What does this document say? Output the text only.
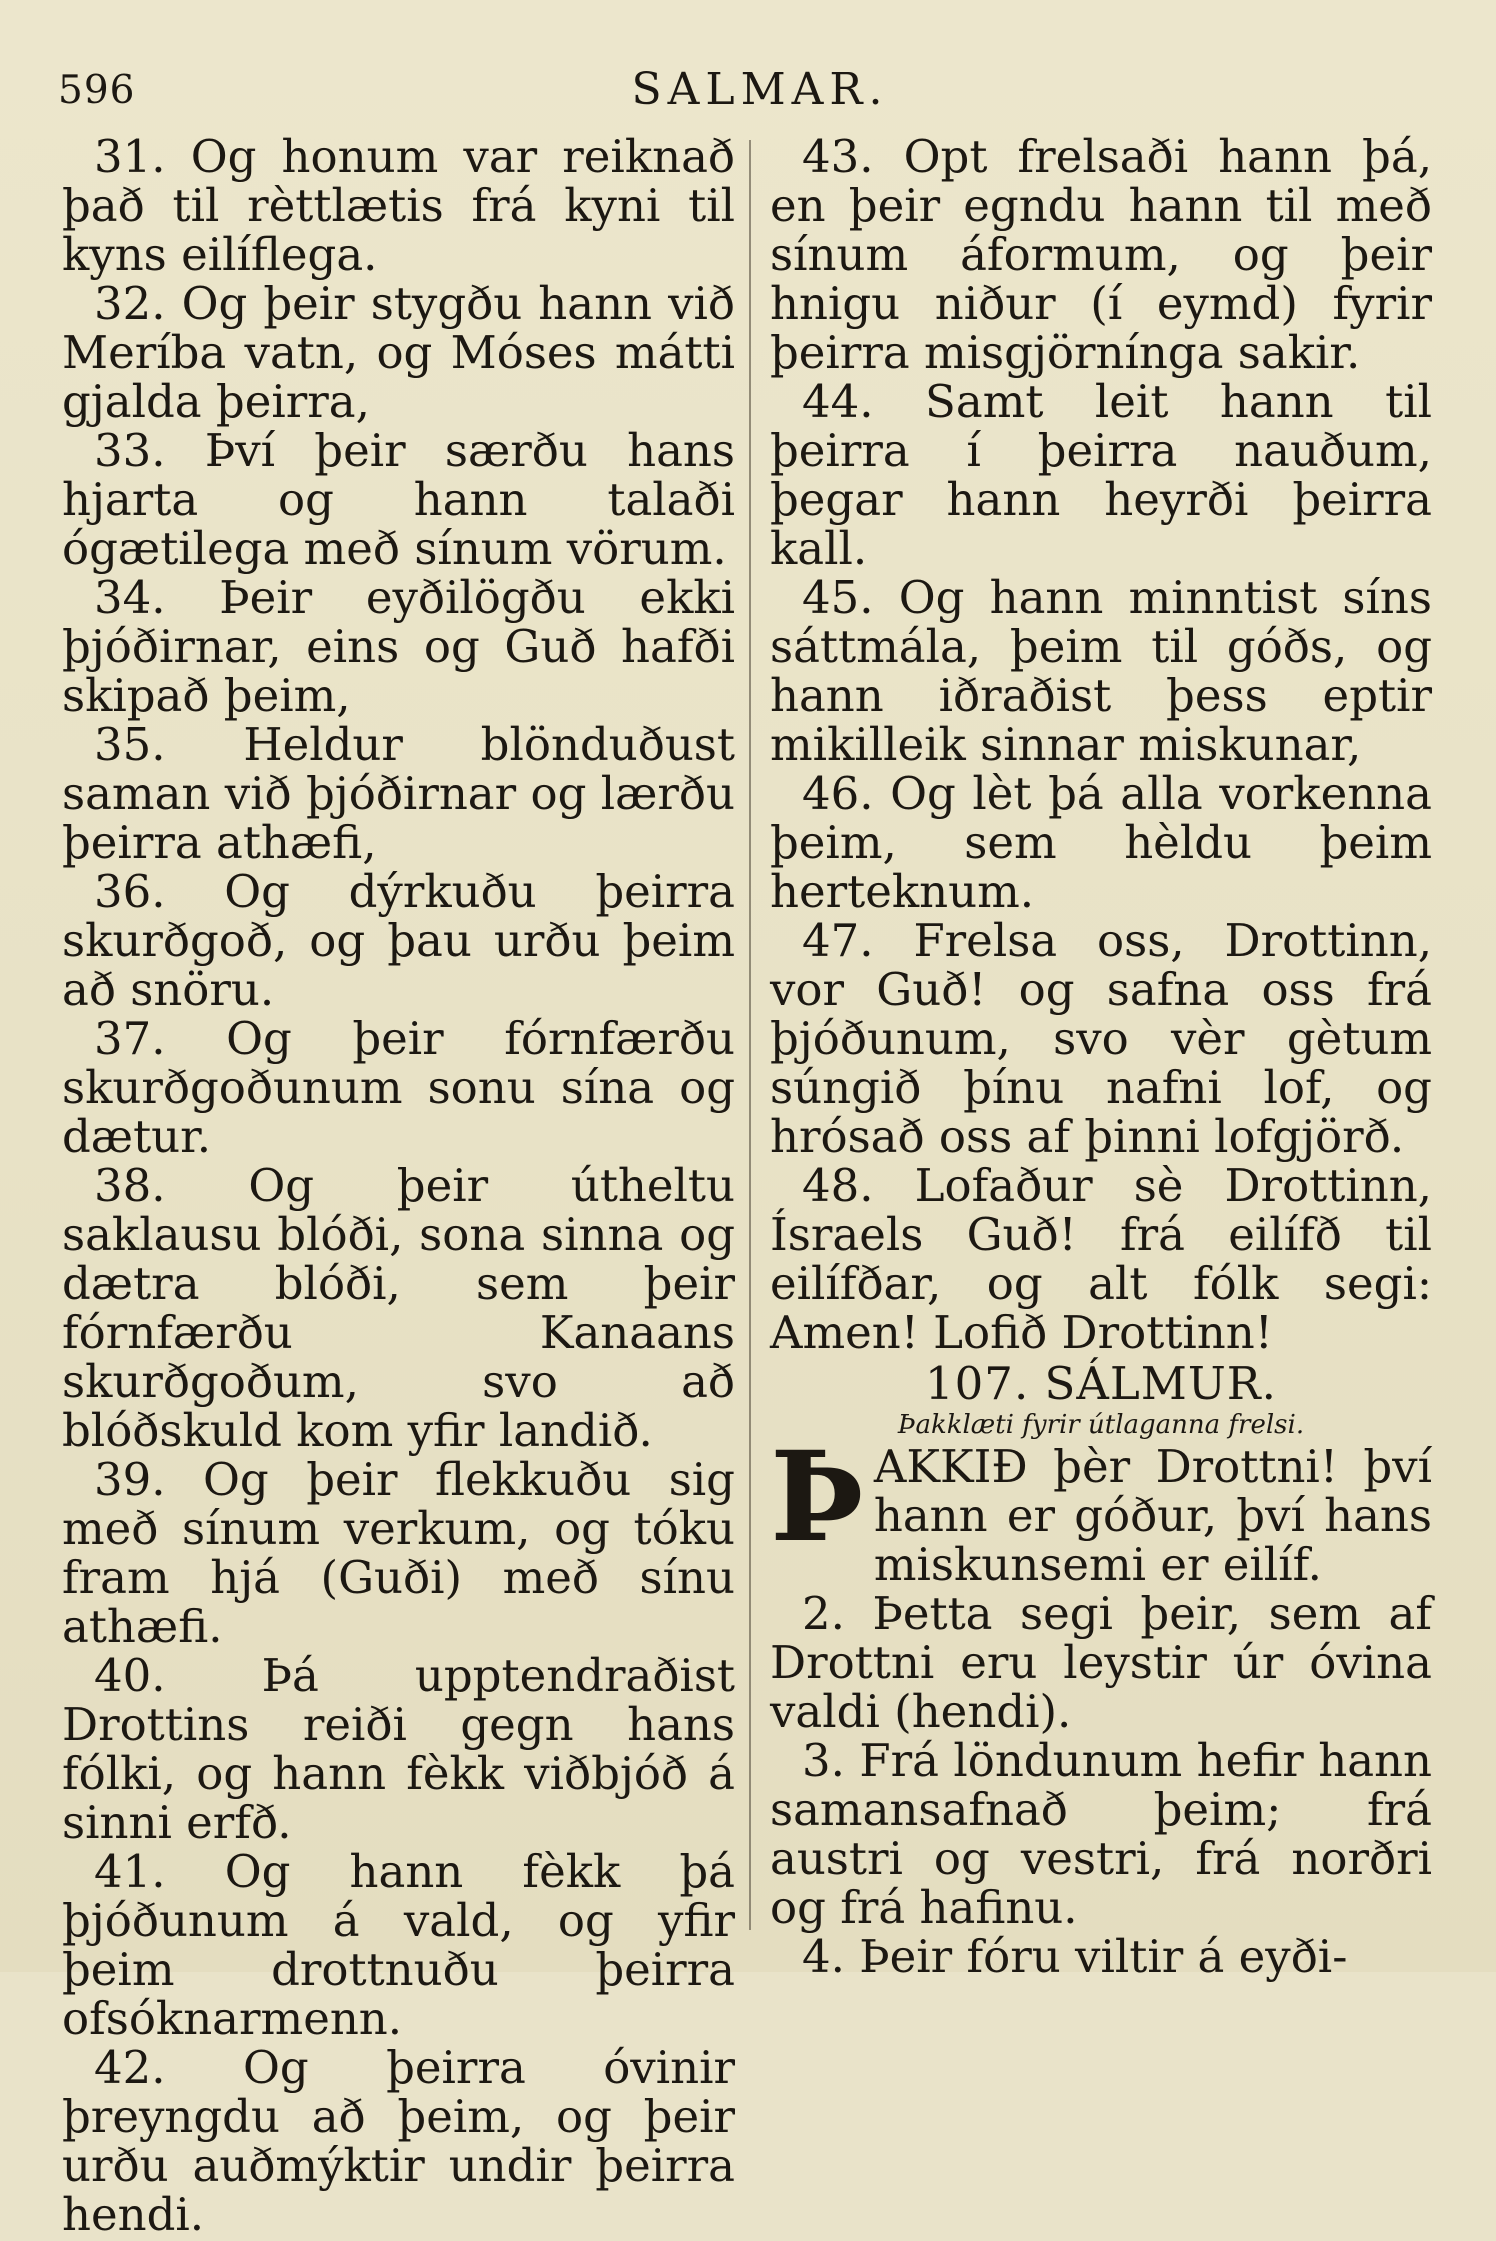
596	SALMAR.

31. Og honum var reiknað það til rèttlætis frá kyni til kyns eilíflega.

32. Og þeir stygðu hann við Meríba vatn, og Móses mátti gjalda þeirra,

33. Því þeir særðu hans hjarta og hann talaði ógætilega með sínum vörum.

34. Þeir eyðilögðu ekki þjóðirnar, eins og Guð hafði skipað þeim,

35. Heldur blönduðust saman við þjóðirnar og lærðu þeirra athæfi,

36. Og dýrkuðu þeirra skurðgoð, og þau urðu þeim að snöru.

37. Og þeir fórnfærðu skurðgoðunum sonu sína og dætur.

38. Og þeir útheltu saklausu blóði, sona sinna og dætra blóði, sem þeir fórnfærðu Kanaans skurðgoðum, svo að blóðskuld kom yfir landið.

39. Og þeir flekkuðu sig með sínum verkum, og tóku fram hjá (Guði) með sínu athæfi.

40. Þá upptendraðist Drottins reiði gegn hans fólki, og hann fèkk viðbjóð á sinni erfð.

41. Og hann fèkk þá þjóðunum á vald, og yfir þeim drottnuðu þeirra ofsóknarmenn.

42. Og þeirra óvinir þreyngdu að þeim, og þeir urðu auðmýktir undir þeirra hendi.

43. Opt frelsaði hann þá, en þeir egndu hann til með sínum áformum, og þeir hnigu niður (í eymd) fyrir þeirra misgjörnínga sakir.

44. Samt leit hann til þeirra í þeirra nauðum, þegar hann heyrði þeirra kall.

45. Og hann minntist síns sáttmála, þeim til góðs, og hann iðraðist þess eptir mikilleik sinnar miskunar,

46. Og lèt þá alla vorkenna þeim, sem hèldu þeim herteknum.

47. Frelsa oss, Drottinn, vor Guð! og safna oss frá þjóðunum, svo vèr gètum súngið þínu nafni lof, og hrósað oss af þinni lofgjörð.

48. Lofaður sè Drottinn, Ísraels Guð! frá eilífð til eilífðar, og alt fólk segi: Amen! Lofið Drottinn!

107. SÁLMUR.

Þakklæti fyrir útlaganna frelsi.

Þ AKKIÐ þèr Drottni! því hann er góður, því hans miskunsemi er eilíf.

2. Þetta segi þeir, sem af Drottni eru leystir úr óvina valdi (hendi).

3. Frá löndunum hefir hann samansafnað þeim; frá austri og vestri, frá norðri og frá hafinu.

4. Þeir fóru viltir á eyði-
